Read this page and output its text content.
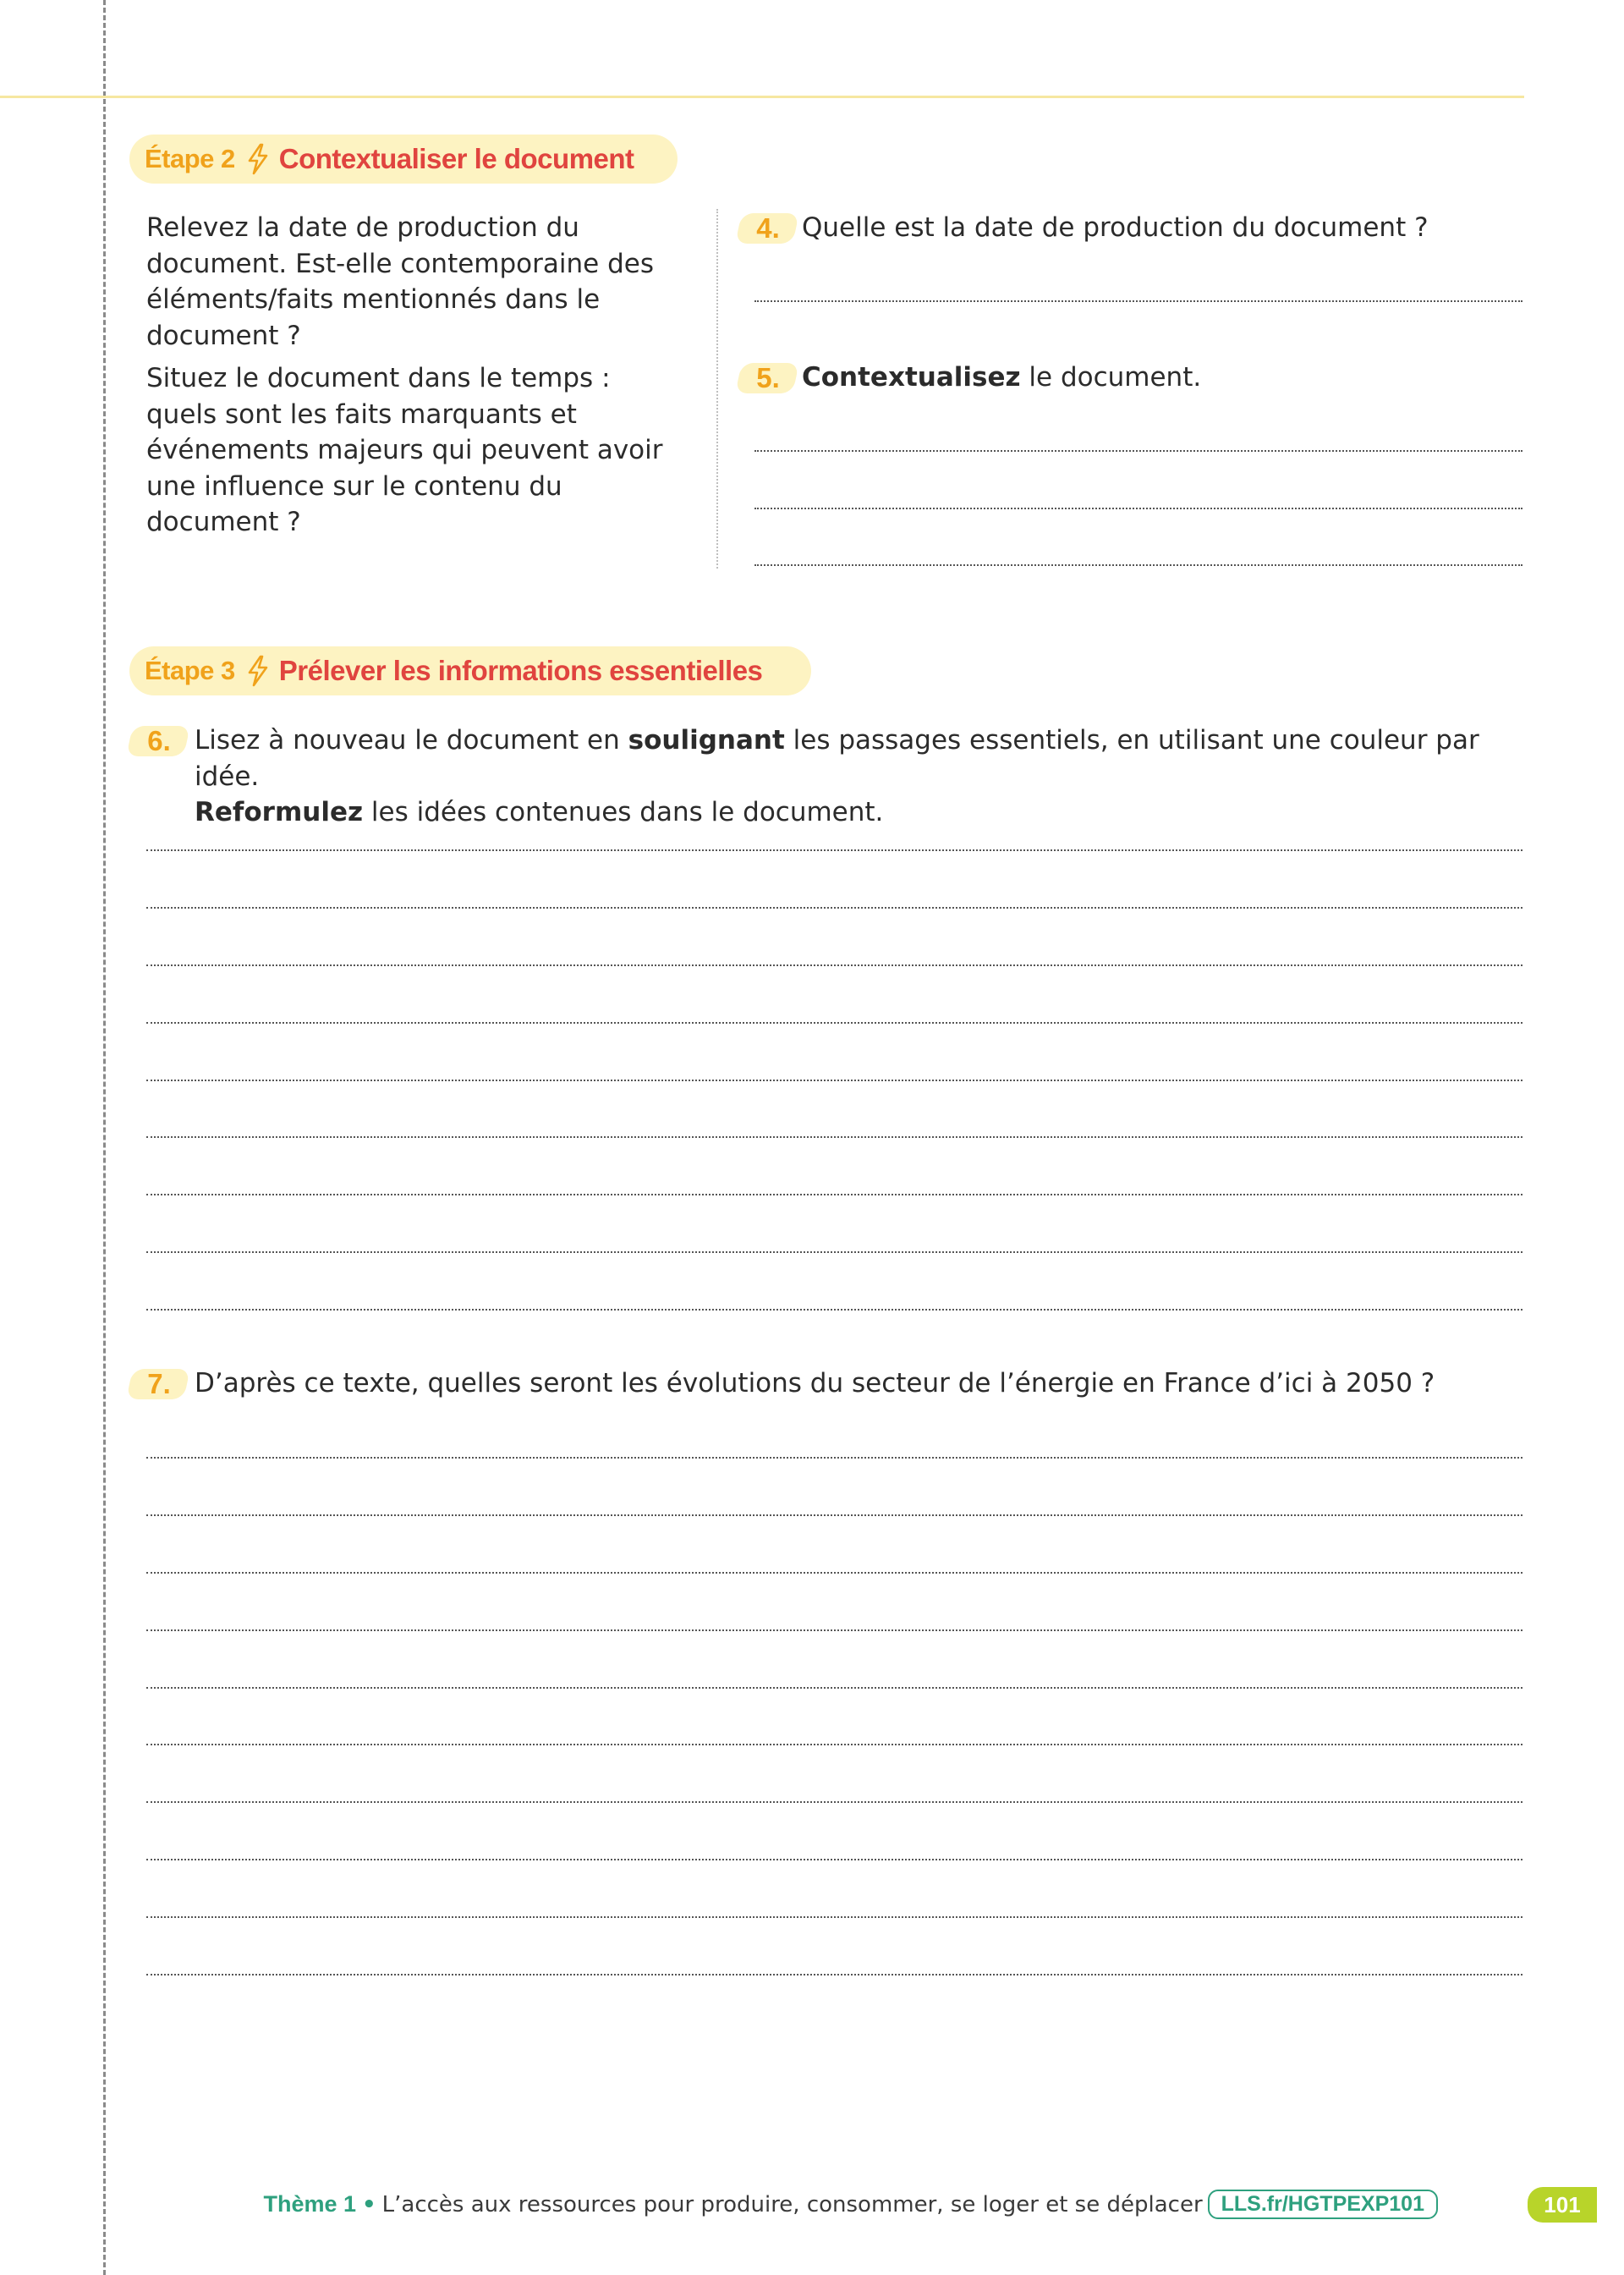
Étape 2 Contextualiser le document

Relevez la date de production du document. Est-elle contemporaine des éléments/faits mentionnés dans le document ?

Situez le document dans le temps : quels sont les faits marquants et événements majeurs qui peuvent avoir une influence sur le contenu du document ?

4. Quelle est la date de production du document ?
5. Contextualisez le document.
Étape 3 Prélever les informations essentielles
6. Lisez à nouveau le document en soulignant les passages essentiels, en utilisant une couleur par idée.
Reformulez les idées contenues dans le document.
7. D’après ce texte, quelles seront les évolutions du secteur de l’énergie en France d’ici à 2050 ?
Thème 1 • L’accès aux ressources pour produire, consommer, se loger et se déplacer LLS.fr/HGTPEXP101	101
